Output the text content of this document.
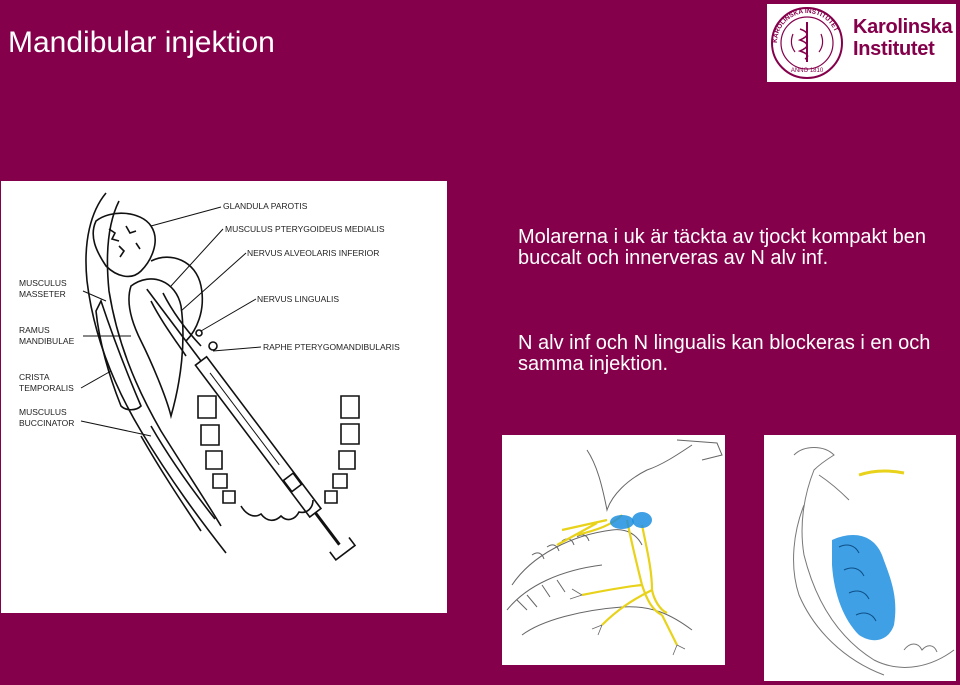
Mandibular injektion	KAROLINSKA INSTITUTET
ANNO 1810
Karolinska
Institutet

Molarerna i uk är täckta av tjockt kompakt ben buccalt och innerveras av N alv inf.

N alv inf och N lingualis kan blockeras i en och samma injektion.

GLANDULA PAROTIS
MUSCULUS PTERYGOIDEUS MEDIALIS
NERVUS ALVEOLARIS INFERIOR
MUSCULUS
MASSETER	NERVUS LINGUALIS
RAMUS
MANDIBULAE
RAPHE PTERYGOMANDIBULARIS
CRISTA
TEMPORALIS
MUSCULUS
BUCCINATOR
